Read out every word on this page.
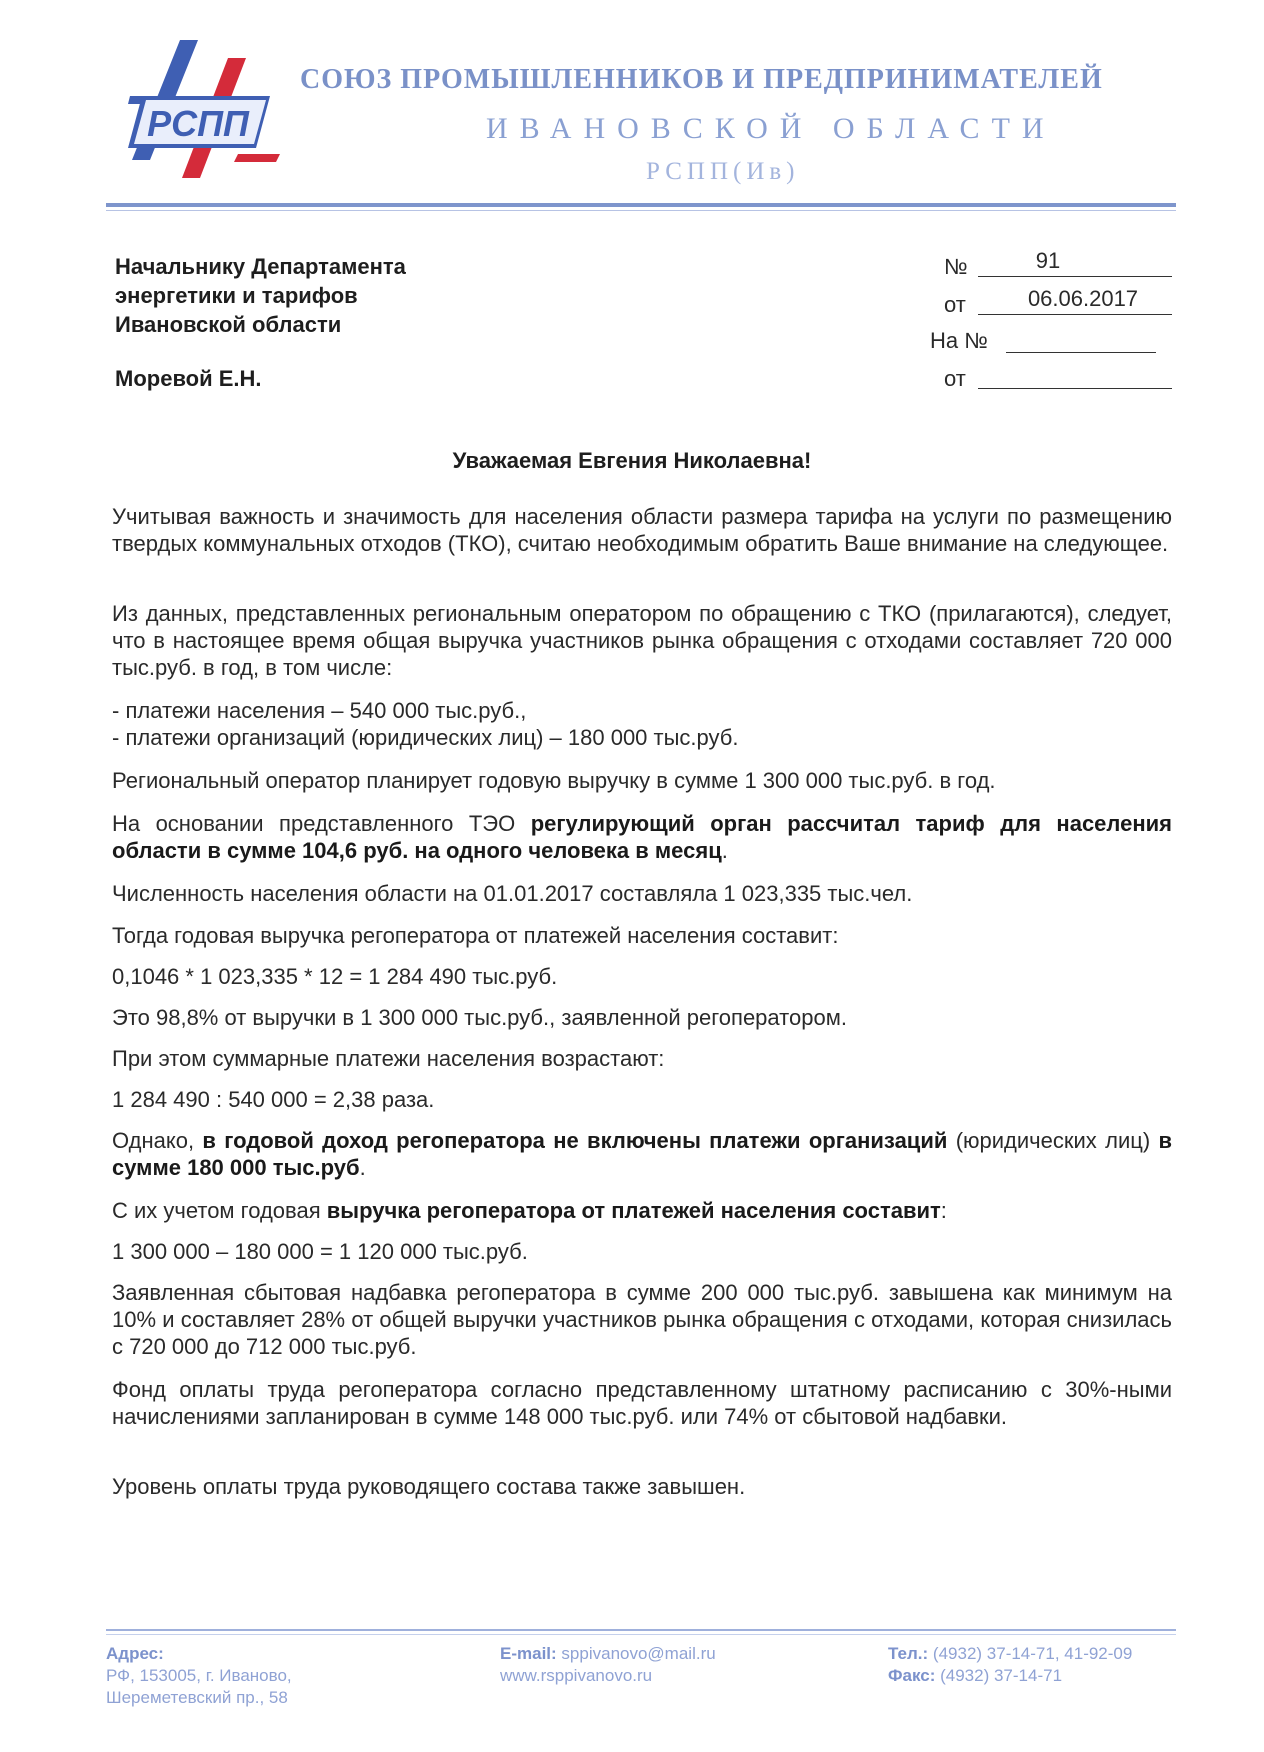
РСПП
СОЮЗ ПРОМЫШЛЕННИКОВ И ПРЕДПРИНИМАТЕЛЕЙ
ИВАНОВСКОЙ ОБЛАСТИ
РСПП(Ив)
Начальнику Департамента
энергетики и тарифов
Ивановской области
Моревой Е.Н.
№	91
от	06.06.2017
На №
от
Уважаемая Евгения Николаевна!
Учитывая важность и значимость для населения области размера тарифа на услуги по размещению твердых коммунальных отходов (ТКО), считаю необходимым обратить Ваше внимание на следующее.
Из данных, представленных региональным оператором по обращению с ТКО (прилагаются), следует, что в настоящее время общая выручка участников рынка обращения с отходами составляет 720 000 тыс.руб. в год, в том числе:
- платежи населения – 540 000 тыс.руб.,
- платежи организаций (юридических лиц) – 180 000 тыс.руб.
Региональный оператор планирует годовую выручку в сумме 1 300 000 тыс.руб. в год.
На основании представленного ТЭО регулирующий орган рассчитал тариф для населения области в сумме 104,6 руб. на одного человека в месяц.
Численность населения области на 01.01.2017 составляла 1 023,335 тыс.чел.
Тогда годовая выручка регоператора от платежей населения составит:
0,1046 * 1 023,335 * 12 = 1 284 490 тыс.руб.
Это 98,8% от выручки в 1 300 000 тыс.руб., заявленной регоператором.
При этом суммарные платежи населения возрастают:
1 284 490 : 540 000 = 2,38 раза.
Однако, в годовой доход регоператора не включены платежи организаций (юридических лиц) в сумме 180 000 тыс.руб.
С их учетом годовая выручка регоператора от платежей населения составит:
1 300 000 – 180 000 = 1 120 000 тыс.руб.
Заявленная сбытовая надбавка регоператора в сумме 200 000 тыс.руб. завышена как минимум на 10% и составляет 28% от общей выручки участников рынка обращения с отходами, которая снизилась с 720 000 до 712 000 тыс.руб.
Фонд оплаты труда регоператора согласно представленному штатному расписанию с 30%-ными начислениями запланирован в сумме 148 000 тыс.руб. или 74% от сбытовой надбавки.
Уровень оплаты труда руководящего состава также завышен.
Адрес:
РФ, 153005, г. Иваново,
Шереметевский пр., 58
E-mail: sppivanovo@mail.ru
www.rsppivanovo.ru
Тел.: (4932) 37-14-71, 41-92-09
Факс: (4932) 37-14-71
